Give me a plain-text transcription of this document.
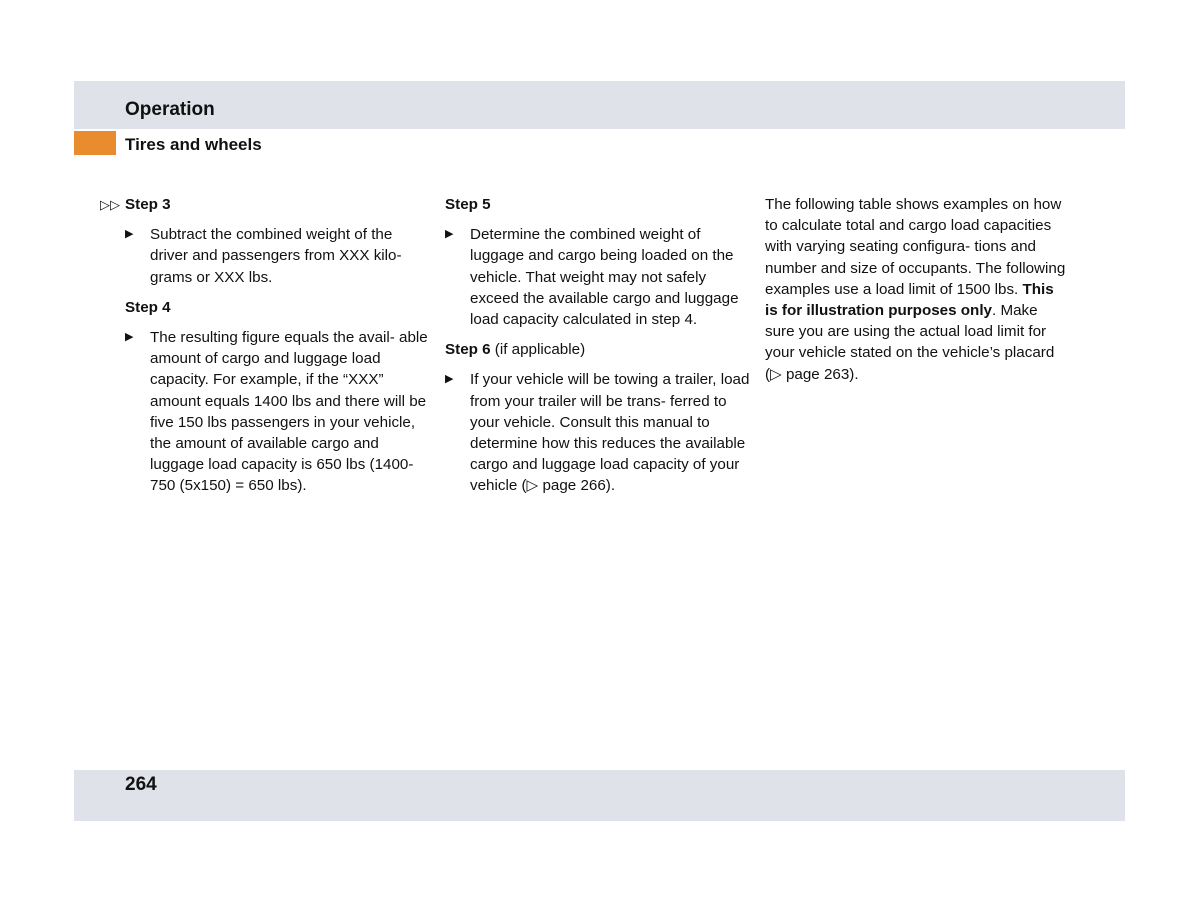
Operation
Tires and wheels
▷▷ Step 3
▶	Subtract the combined weight of the driver and passengers from XXX kilo- grams or XXX lbs.
Step 4
▶	The resulting figure equals the avail- able amount of cargo and luggage load capacity. For example, if the “XXX” amount equals 1400 lbs and there will be five 150 lbs passengers in your vehicle, the amount of available cargo and luggage load capacity is 650 lbs (1400-750 (5x150) = 650 lbs).
Step 5
▶	Determine the combined weight of luggage and cargo being loaded on the vehicle. That weight may not safely exceed the available cargo and luggage load capacity calculated in step 4.
Step 6 (if applicable)
▶	If your vehicle will be towing a trailer, load from your trailer will be trans- ferred to your vehicle. Consult this manual to determine how this reduces the available cargo and luggage load capacity of your vehicle (▷ page 266).

The following table shows examples on how to calculate total and cargo load capacities with varying seating configura- tions and number and size of occupants. The following examples use a load limit of 1500 lbs. This is for illustration purposes only. Make sure you are using the actual load limit for your vehicle stated on the vehicle’s placard (▷ page 263).

264
